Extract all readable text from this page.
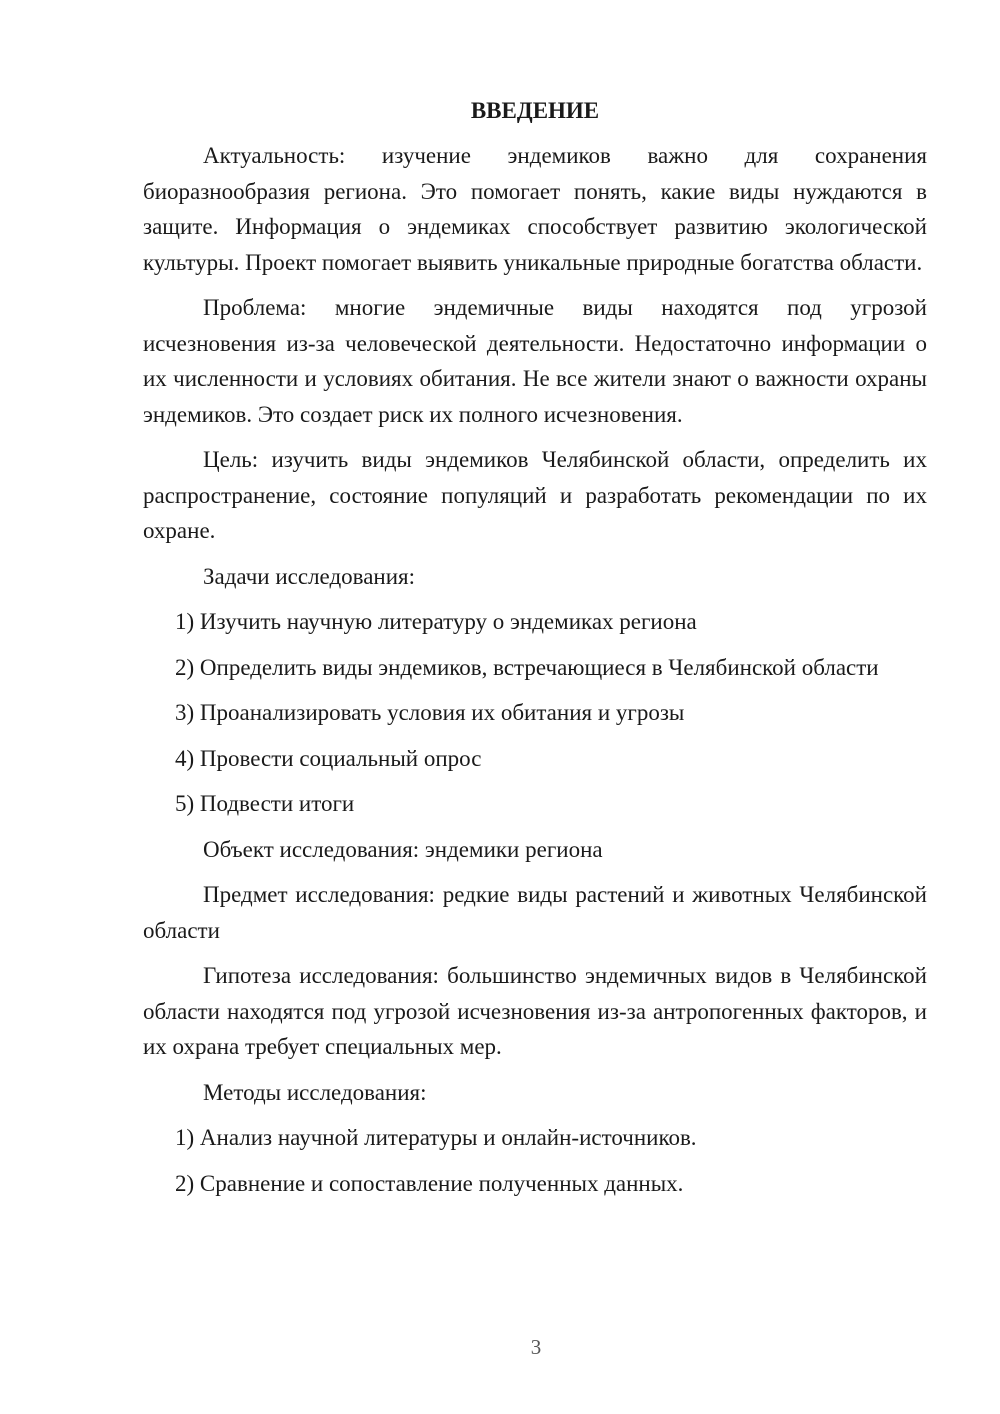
ВВЕДЕНИЕ

Актуальность: изучение эндемиков важно для сохранения биоразнообразия региона. Это помогает понять, какие виды нуждаются в защите. Информация о эндемиках способствует развитию экологической культуры. Проект помогает выявить уникальные природные богатства области.

Проблема: многие эндемичные виды находятся под угрозой исчезновения из-за человеческой деятельности. Недостаточно информации о их численности и условиях обитания. Не все жители знают о важности охраны эндемиков. Это создает риск их полного исчезновения.

Цель: изучить виды эндемиков Челябинской области, определить их распространение, состояние популяций и разработать рекомендации по их охране.

Задачи исследования:

1) Изучить научную литературу о эндемиках региона

2) Определить виды эндемиков, встречающиеся в Челябинской области

3) Проанализировать условия их обитания и угрозы

4) Провести социальный опрос

5) Подвести итоги

Объект исследования: эндемики региона

Предмет исследования: редкие виды растений и животных Челябинской области

Гипотеза исследования: большинство эндемичных видов в Челябинской области находятся под угрозой исчезновения из-за антропогенных факторов, и их охрана требует специальных мер.

Методы исследования:

1) Анализ научной литературы и онлайн-источников.

2) Сравнение и сопоставление полученных данных.

3
